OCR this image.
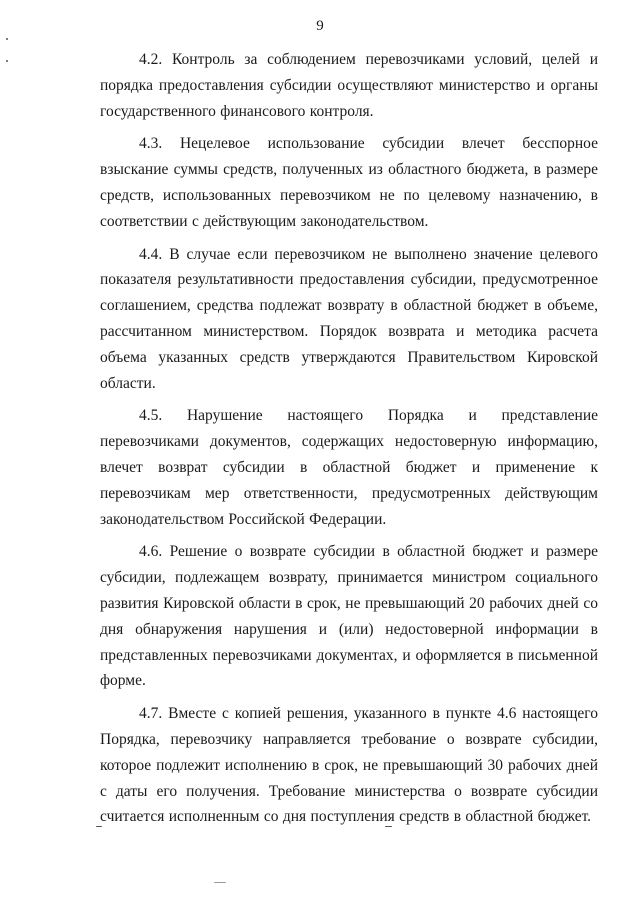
9

4.2. Контроль за соблюдением перевозчиками условий, целей и порядка предоставления субсидии осуществляют министерство и органы государственного финансового контроля.

4.3. Нецелевое использование субсидии влечет бесспорное взыскание суммы средств, полученных из областного бюджета, в размере средств, использованных перевозчиком не по целевому назначению, в соответствии с действующим законодательством.

4.4. В случае если перевозчиком не выполнено значение целевого показателя результативности предоставления субсидии, предусмотренное соглашением, средства подлежат возврату в областной бюджет в объеме, рассчитанном министерством. Порядок возврата и методика расчета объема указанных средств утверждаются Правительством Кировской области.

4.5. Нарушение настоящего Порядка и представление перевозчиками документов, содержащих недостоверную информацию, влечет возврат субсидии в областной бюджет и применение к перевозчикам мер ответственности, предусмотренных действующим законодательством Российской Федерации.

4.6. Решение о возврате субсидии в областной бюджет и размере субсидии, подлежащем возврату, принимается министром социального развития Кировской области в срок, не превышающий 20 рабочих дней со дня обнаружения нарушения и (или) недостоверной информации в представленных перевозчиками документах, и оформляется в письменной форме.

4.7. Вместе с копией решения, указанного в пункте 4.6 настоящего Порядка, перевозчику направляется требование о возврате субсидии, которое подлежит исполнению в срок, не превышающий 30 рабочих дней с даты его получения. Требование министерства о возврате субсидии считается исполненным со дня поступления средств в областной бюджет.
